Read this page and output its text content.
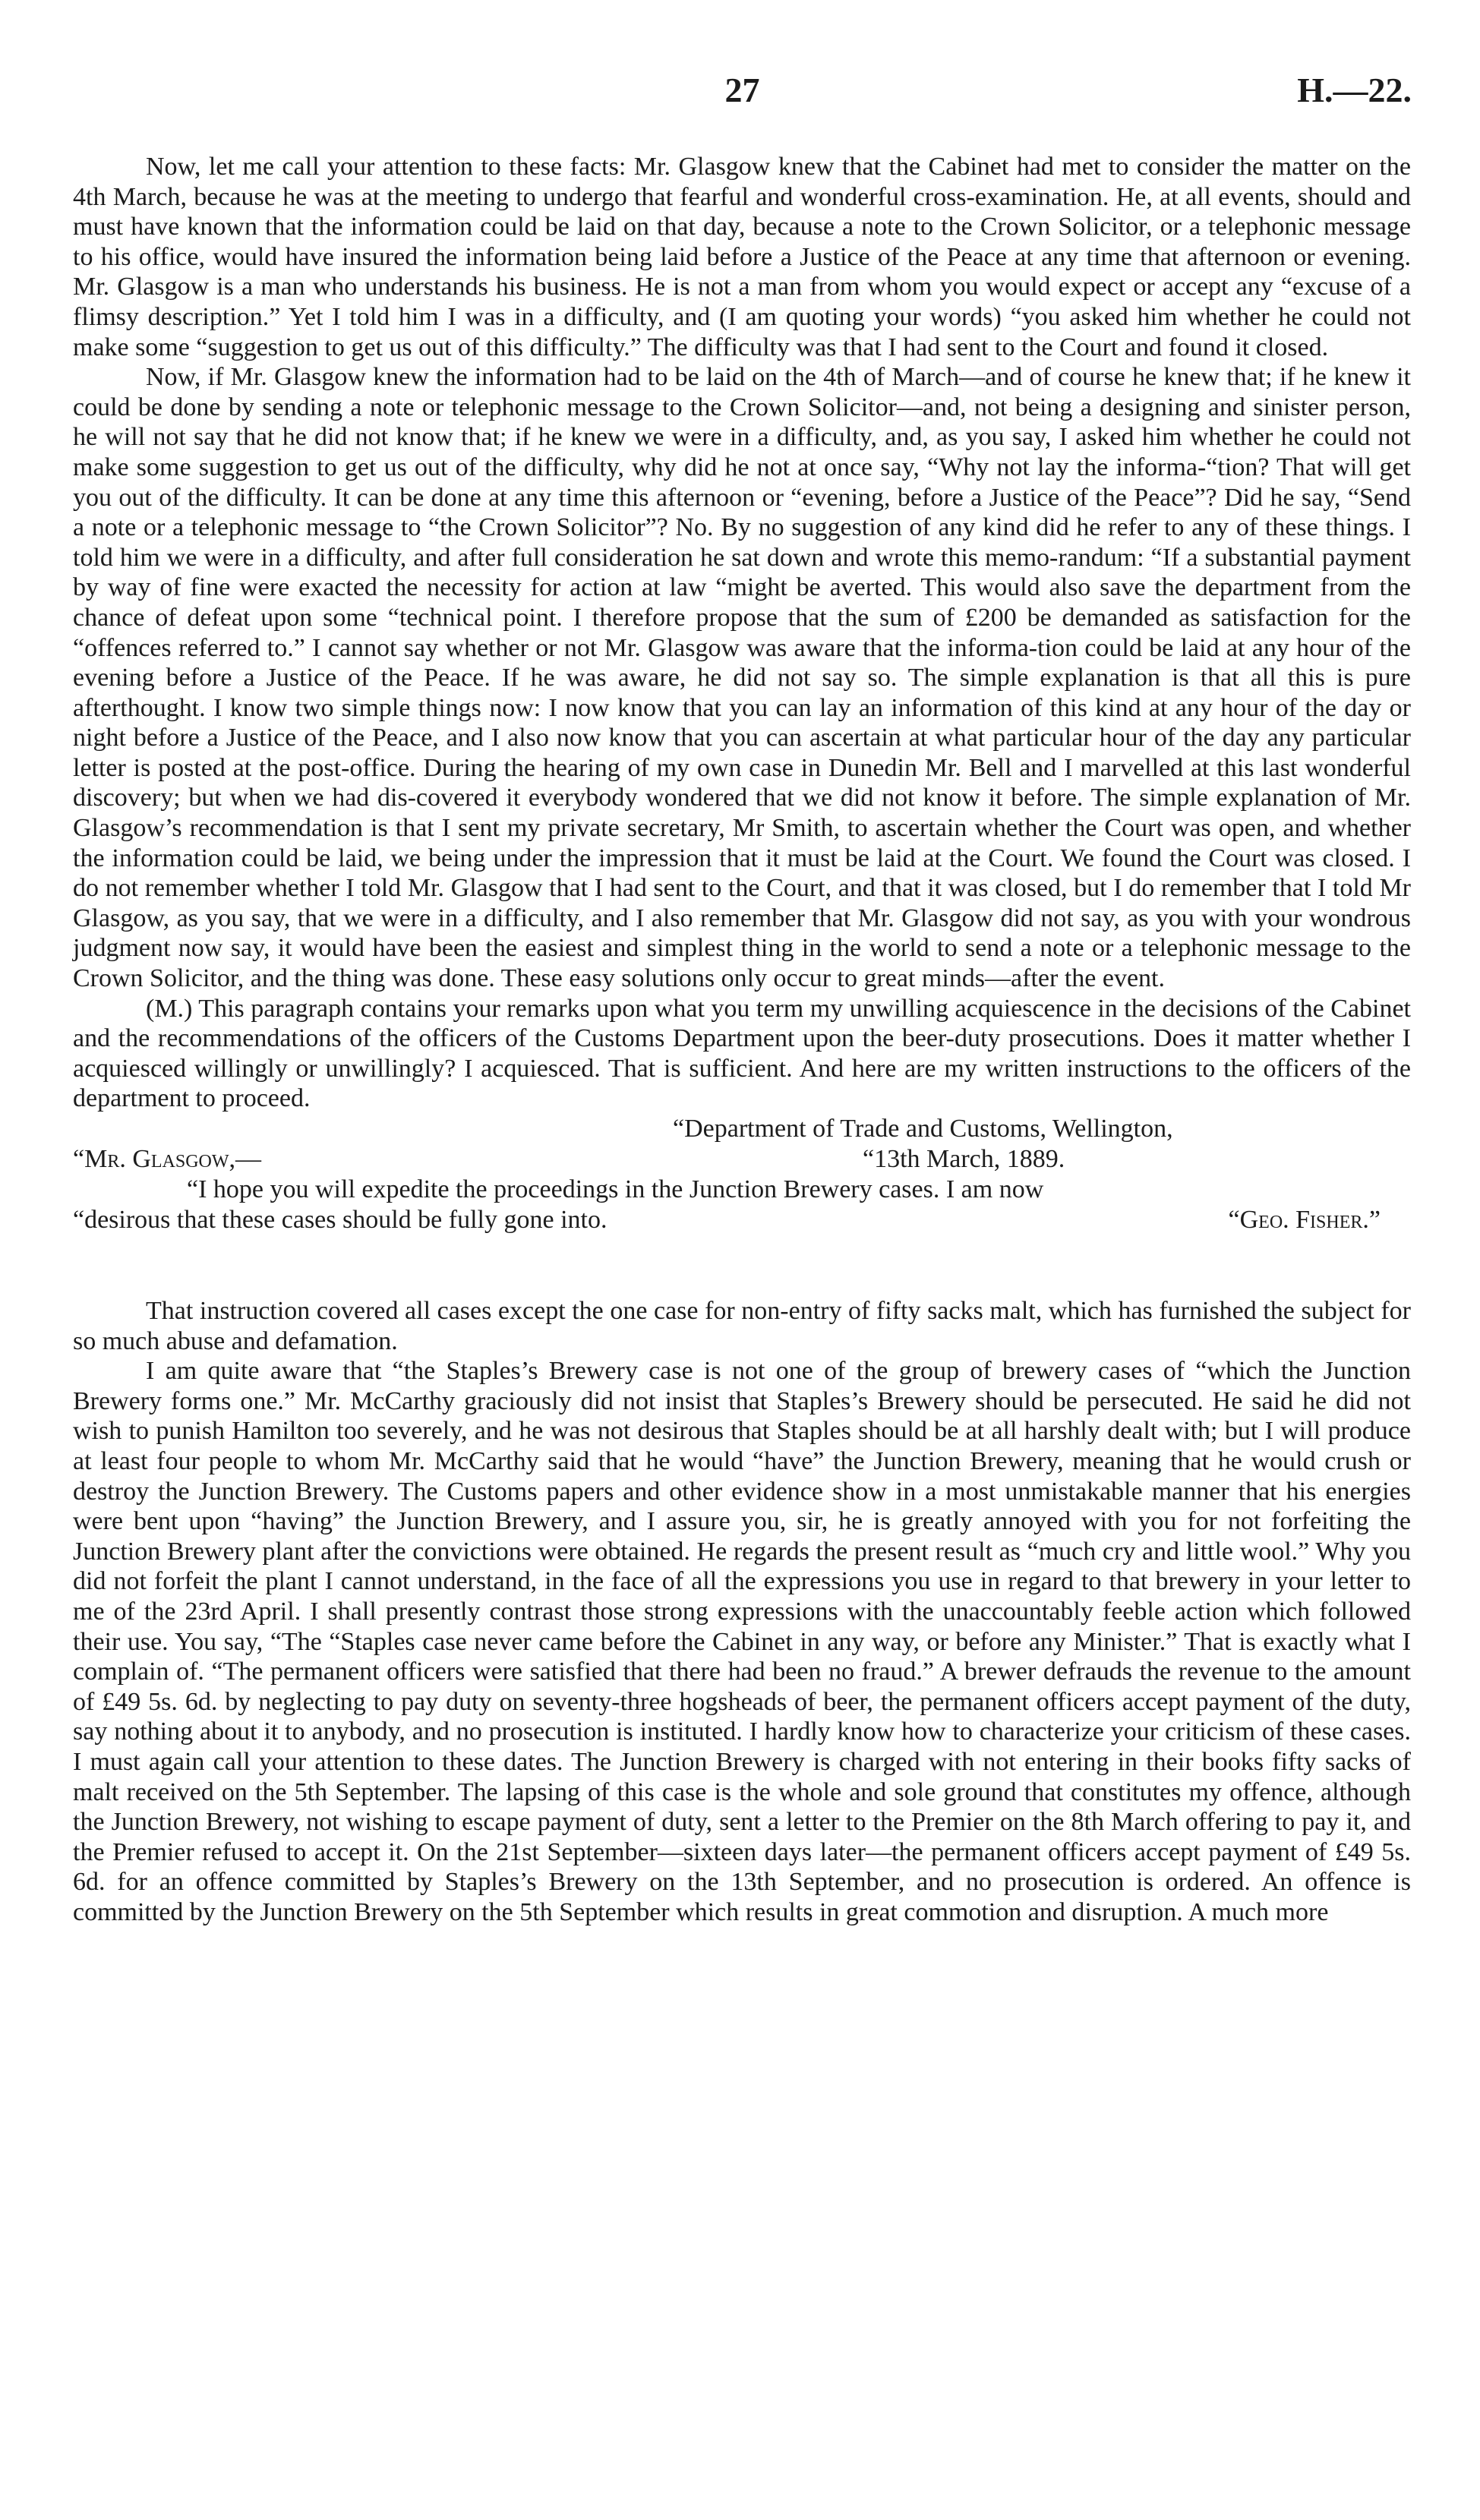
27	H.—22.

Now, let me call your attention to these facts: Mr. Glasgow knew that the Cabinet had met to consider the matter on the 4th March, because he was at the meeting to undergo that fearful and wonderful cross-examination. He, at all events, should and must have known that the information could be laid on that day, because a note to the Crown Solicitor, or a telephonic message to his office, would have insured the information being laid before a Justice of the Peace at any time that afternoon or evening. Mr. Glasgow is a man who understands his business. He is not a man from whom you would expect or accept any “excuse of a flimsy description.” Yet I told him I was in a difficulty, and (I am quoting your words) “you asked him whether he could not make some “suggestion to get us out of this difficulty.” The difficulty was that I had sent to the Court and found it closed.

Now, if Mr. Glasgow knew the information had to be laid on the 4th of March—and of course he knew that; if he knew it could be done by sending a note or telephonic message to the Crown Solicitor—and, not being a designing and sinister person, he will not say that he did not know that; if he knew we were in a difficulty, and, as you say, I asked him whether he could not make some suggestion to get us out of the difficulty, why did he not at once say, “Why not lay the informa-“tion? That will get you out of the difficulty. It can be done at any time this afternoon or “evening, before a Justice of the Peace”? Did he say, “Send a note or a telephonic message to “the Crown Solicitor”? No. By no suggestion of any kind did he refer to any of these things. I told him we were in a difficulty, and after full consideration he sat down and wrote this memo-randum: “If a substantial payment by way of fine were exacted the necessity for action at law “might be averted. This would also save the department from the chance of defeat upon some “technical point. I therefore propose that the sum of £200 be demanded as satisfaction for the “offences referred to.” I cannot say whether or not Mr. Glasgow was aware that the informa-tion could be laid at any hour of the evening before a Justice of the Peace. If he was aware, he did not say so. The simple explanation is that all this is pure afterthought. I know two simple things now: I now know that you can lay an information of this kind at any hour of the day or night before a Justice of the Peace, and I also now know that you can ascertain at what particular hour of the day any particular letter is posted at the post-office. During the hearing of my own case in Dunedin Mr. Bell and I marvelled at this last wonderful discovery; but when we had dis-covered it everybody wondered that we did not know it before. The simple explanation of Mr. Glasgow’s recommendation is that I sent my private secretary, Mr Smith, to ascertain whether the Court was open, and whether the information could be laid, we being under the impression that it must be laid at the Court. We found the Court was closed. I do not remember whether I told Mr. Glasgow that I had sent to the Court, and that it was closed, but I do remember that I told Mr Glasgow, as you say, that we were in a difficulty, and I also remember that Mr. Glasgow did not say, as you with your wondrous judgment now say, it would have been the easiest and simplest thing in the world to send a note or a telephonic message to the Crown Solicitor, and the thing was done. These easy solutions only occur to great minds—after the event.

(M.) This paragraph contains your remarks upon what you term my unwilling acquiescence in the decisions of the Cabinet and the recommendations of the officers of the Customs Department upon the beer-duty prosecutions. Does it matter whether I acquiesced willingly or unwillingly? I acquiesced. That is sufficient. And here are my written instructions to the officers of the department to proceed.

“Department of Trade and Customs, Wellington,
“Mr. Glasgow,—	“13th March, 1889.
“I hope you will expedite the proceedings in the Junction Brewery cases. I am now
“desirous that these cases should be fully gone into.	“Geo. Fisher.”

That instruction covered all cases except the one case for non-entry of fifty sacks malt, which has furnished the subject for so much abuse and defamation.

I am quite aware that “the Staples’s Brewery case is not one of the group of brewery cases of “which the Junction Brewery forms one.” Mr. McCarthy graciously did not insist that Staples’s Brewery should be persecuted. He said he did not wish to punish Hamilton too severely, and he was not desirous that Staples should be at all harshly dealt with; but I will produce at least four people to whom Mr. McCarthy said that he would “have” the Junction Brewery, meaning that he would crush or destroy the Junction Brewery. The Customs papers and other evidence show in a most unmistakable manner that his energies were bent upon “having” the Junction Brewery, and I assure you, sir, he is greatly annoyed with you for not forfeiting the Junction Brewery plant after the convictions were obtained. He regards the present result as “much cry and little wool.” Why you did not forfeit the plant I cannot understand, in the face of all the expressions you use in regard to that brewery in your letter to me of the 23rd April. I shall presently contrast those strong expressions with the unaccountably feeble action which followed their use. You say, “The “Staples case never came before the Cabinet in any way, or before any Minister.” That is exactly what I complain of. “The permanent officers were satisfied that there had been no fraud.” A brewer defrauds the revenue to the amount of £49 5s. 6d. by neglecting to pay duty on seventy-three hogsheads of beer, the permanent officers accept payment of the duty, say nothing about it to anybody, and no prosecution is instituted. I hardly know how to characterize your criticism of these cases. I must again call your attention to these dates. The Junction Brewery is charged with not entering in their books fifty sacks of malt received on the 5th September. The lapsing of this case is the whole and sole ground that constitutes my offence, although the Junction Brewery, not wishing to escape payment of duty, sent a letter to the Premier on the 8th March offering to pay it, and the Premier refused to accept it. On the 21st September—sixteen days later—the permanent officers accept payment of £49 5s. 6d. for an offence committed by Staples’s Brewery on the 13th September, and no prosecution is ordered. An offence is committed by the Junction Brewery on the 5th September which results in great commotion and disruption. A much more
